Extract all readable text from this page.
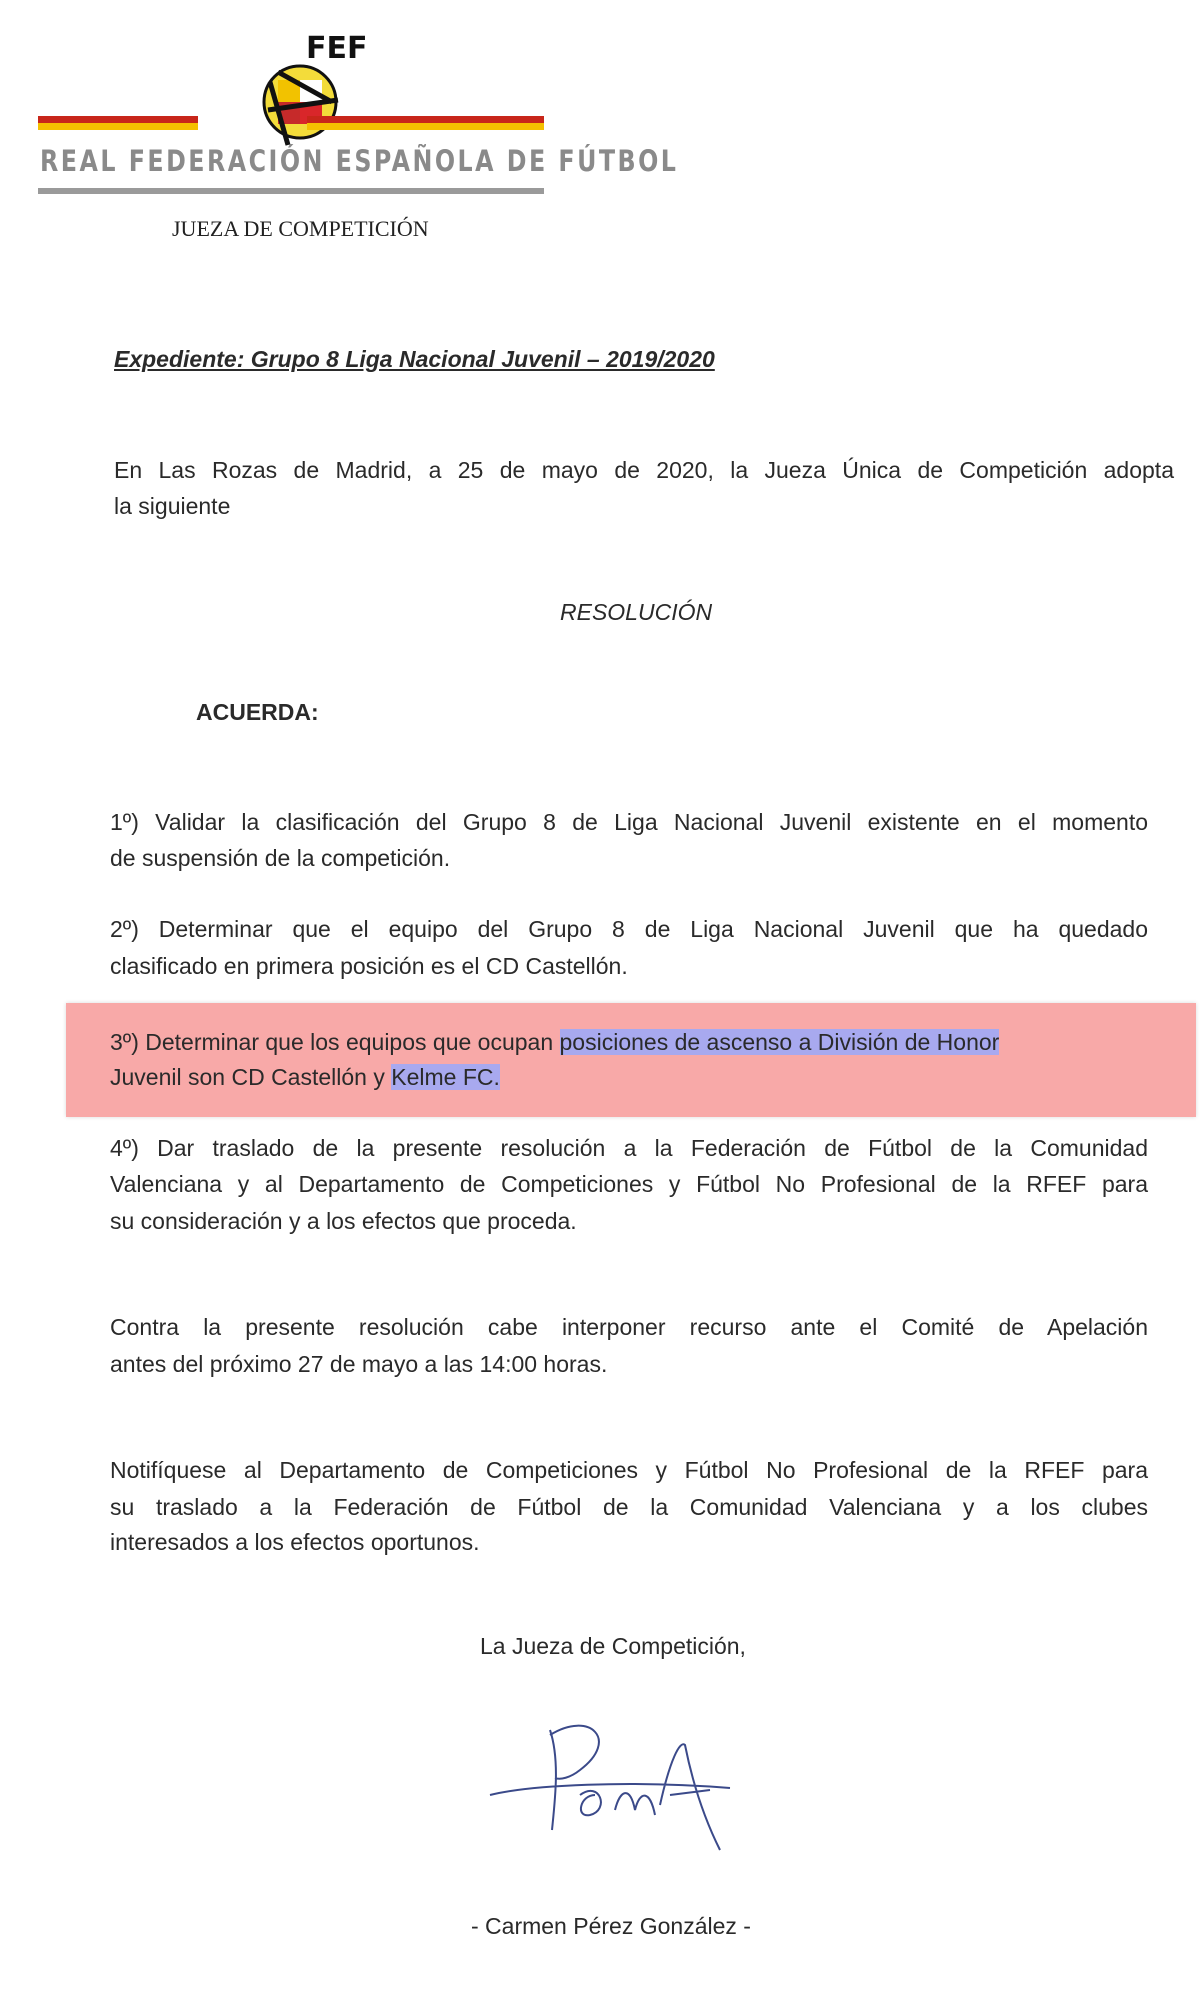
FEF
REAL FEDERACIÓN ESPAÑOLA DE FÚTBOL
JUEZA DE COMPETICIÓN
Expediente: Grupo 8 Liga Nacional Juvenil – 2019/2020
En Las Rozas de Madrid, a 25 de mayo de 2020, la Jueza Única de Competición adopta
la siguiente
RESOLUCIÓN
ACUERDA:
1º) Validar la clasificación del Grupo 8 de Liga Nacional Juvenil existente en el momento
de suspensión de la competición.
2º) Determinar que el equipo del Grupo 8 de Liga Nacional Juvenil que ha quedado
clasificado en primera posición es el CD Castellón.
3º) Determinar que los equipos que ocupan posiciones de ascenso a División de Honor
Juvenil son CD Castellón y Kelme FC.
4º) Dar traslado de la presente resolución a la Federación de Fútbol de la Comunidad
Valenciana y al Departamento de Competiciones y Fútbol No Profesional de la RFEF para
su consideración y a los efectos que proceda.
Contra la presente resolución cabe interponer recurso ante el Comité de Apelación
antes del próximo 27 de mayo a las 14:00 horas.
Notifíquese al Departamento de Competiciones y Fútbol No Profesional de la RFEF para
su traslado a la Federación de Fútbol de la Comunidad Valenciana y a los clubes
interesados a los efectos oportunos.
La Jueza de Competición,
- Carmen Pérez González -
